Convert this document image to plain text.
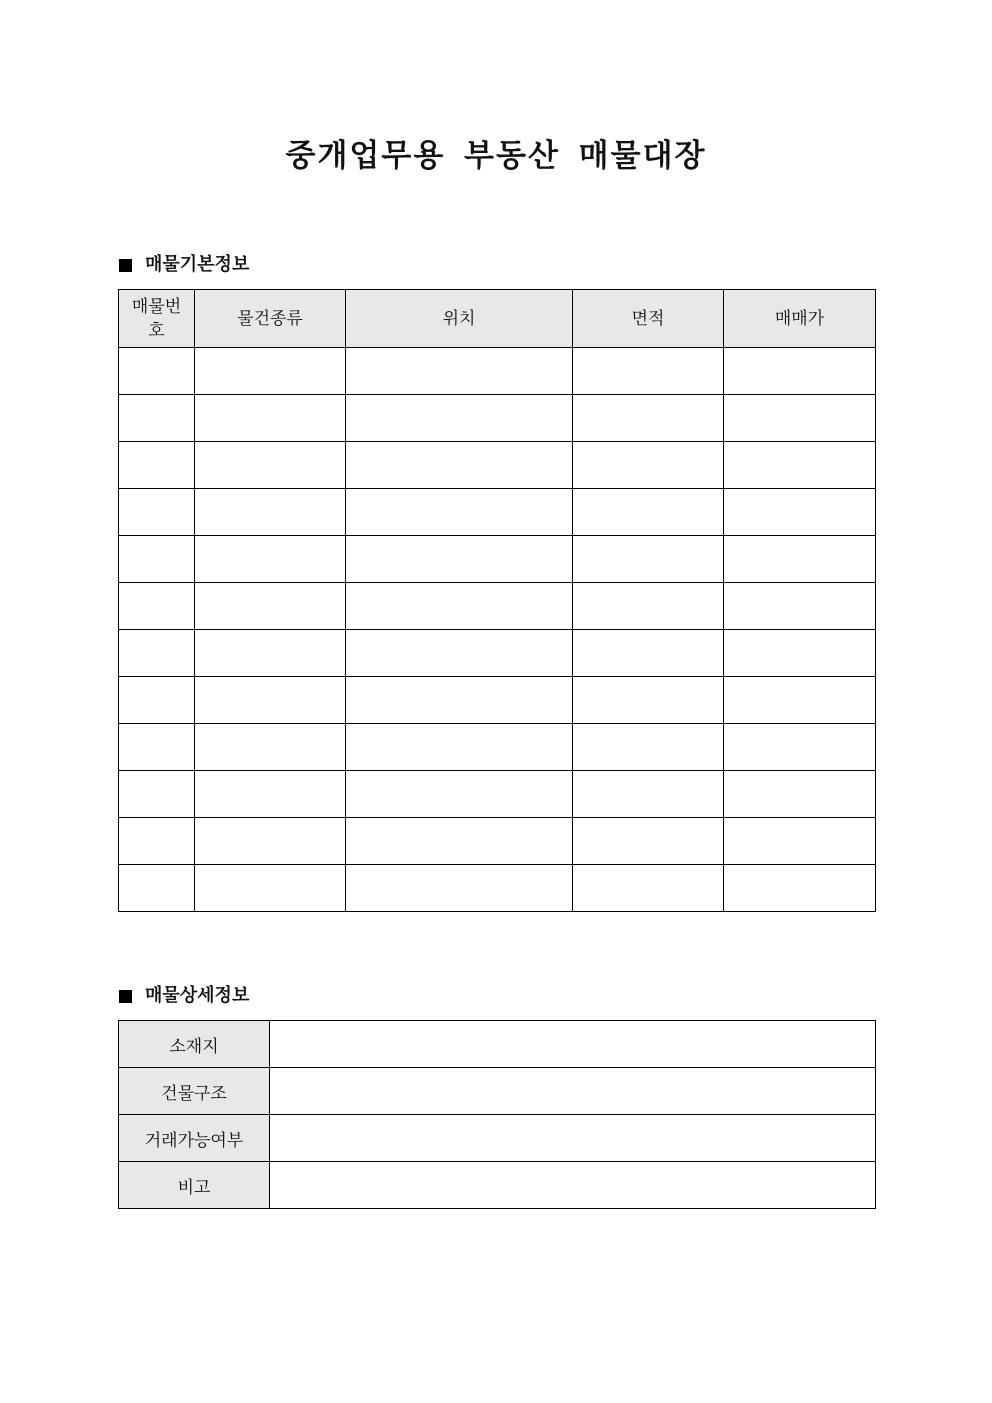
중개업무용 부동산 매물대장
매물기본정보
매물번호	물건종류	위치	면적	매매가

매물상세정보
소재지	
건물구조	
거래가능여부	
비고	
